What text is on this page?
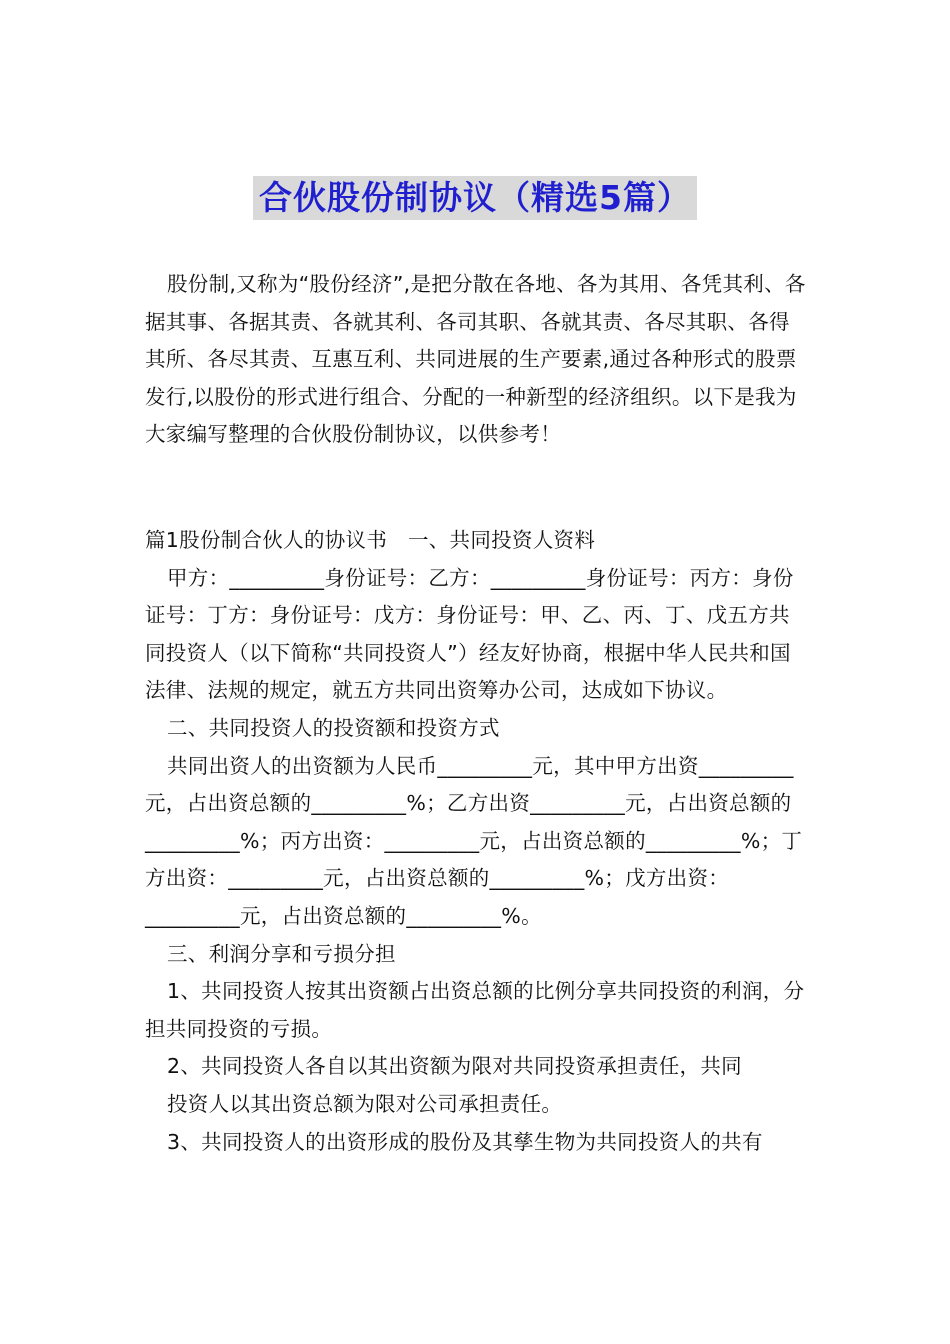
合伙股份制协议（精选5篇）
股份制,又称为“股份经济”,是把分散在各地、各为其用、各凭其利、各据其事、各据其责、各就其利、各司其职、各就其责、各尽其职、各得其所、各尽其责、互惠互利、共同进展的生产要素,通过各种形式的股票发行,以股份的形式进行组合、分配的一种新型的经济组织。以下是我为大家编写整理的合伙股份制协议，以供参考！

篇1股份制合伙人的协议书　一、共同投资人资料

甲方：_________身份证号：乙方：_________身份证号：丙方：身份证号：丁方：身份证号：戊方：身份证号：甲、乙、丙、丁、戊五方共同投资人（以下简称“共同投资人”）经友好协商，根据中华人民共和国法律、法规的规定，就五方共同出资筹办公司，达成如下协议。

二、共同投资人的投资额和投资方式

共同出资人的出资额为人民币_________元，其中甲方出资_________元，占出资总额的_________%；乙方出资_________元，占出资总额的_________%；丙方出资：_________元，占出资总额的_________%；丁方出资：_________元，占出资总额的_________%；戊方出资：_________元，占出资总额的_________%。

三、利润分享和亏损分担

1、共同投资人按其出资额占出资总额的比例分享共同投资的利润，分担共同投资的亏损。

2、共同投资人各自以其出资额为限对共同投资承担责任，共同

投资人以其出资总额为限对公司承担责任。

3、共同投资人的出资形成的股份及其孳生物为共同投资人的共有
